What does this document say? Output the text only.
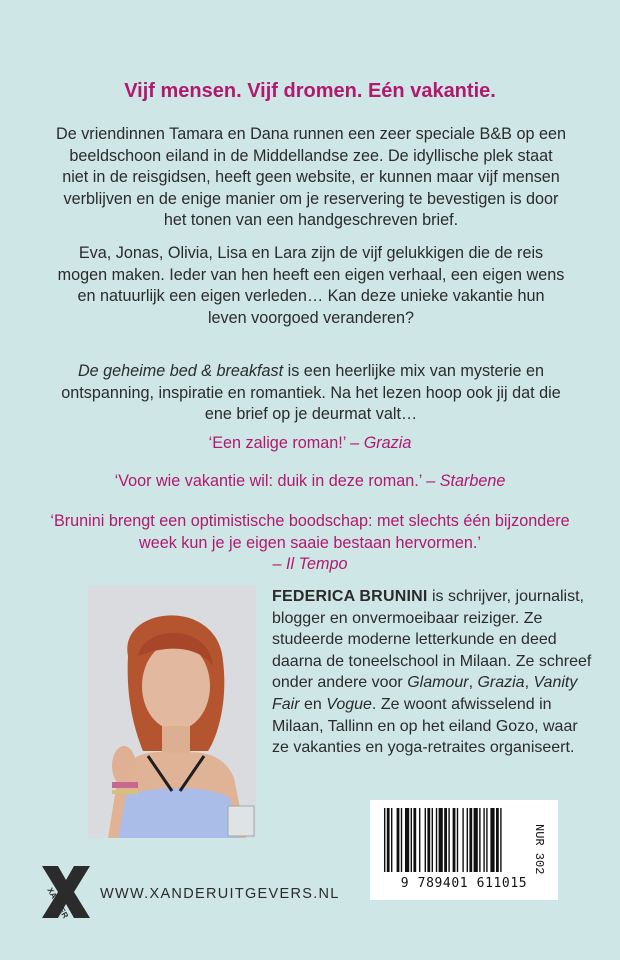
Vijf mensen. Vijf dromen. Eén vakantie.

De vriendinnen Tamara en Dana runnen een zeer speciale B&B op een beeldschoon eiland in de Middellandse zee. De idyllische plek staat niet in de reisgidsen, heeft geen website, er kunnen maar vijf mensen verblijven en de enige manier om je reservering te bevestigen is door het tonen van een handgeschreven brief.

Eva, Jonas, Olivia, Lisa en Lara zijn de vijf gelukkigen die de reis mogen maken. Ieder van hen heeft een eigen verhaal, een eigen wens en natuurlijk een eigen verleden… Kan deze unieke vakantie hun leven voorgoed veranderen?

De geheime bed & breakfast is een heerlijke mix van mysterie en ontspanning, inspiratie en romantiek. Na het lezen hoop ook jij dat die ene brief op je deurmat valt…

‘Een zalige roman!’ – Grazia

‘Voor wie vakantie wil: duik in deze roman.’ – Starbene

‘Brunini brengt een optimistische boodschap: met slechts één bijzondere week kun je je eigen saaie bestaan hervormen.’
– Il Tempo

FEDERICA BRUNINI is schrijver, journalist, blogger en onvermoeibaar reiziger. Ze studeerde moderne letterkunde en deed daarna de toneelschool in Milaan. Ze schreef onder andere voor Glamour, Grazia, Vanity Fair en Vogue. Ze woont afwisselend in Milaan, Tallinn en op het eiland Gozo, waar ze vakanties en yoga-retraites organiseert.

9 789401 611015
NUR 302
XANDER WWW.XANDERUITGEVERS.NL
